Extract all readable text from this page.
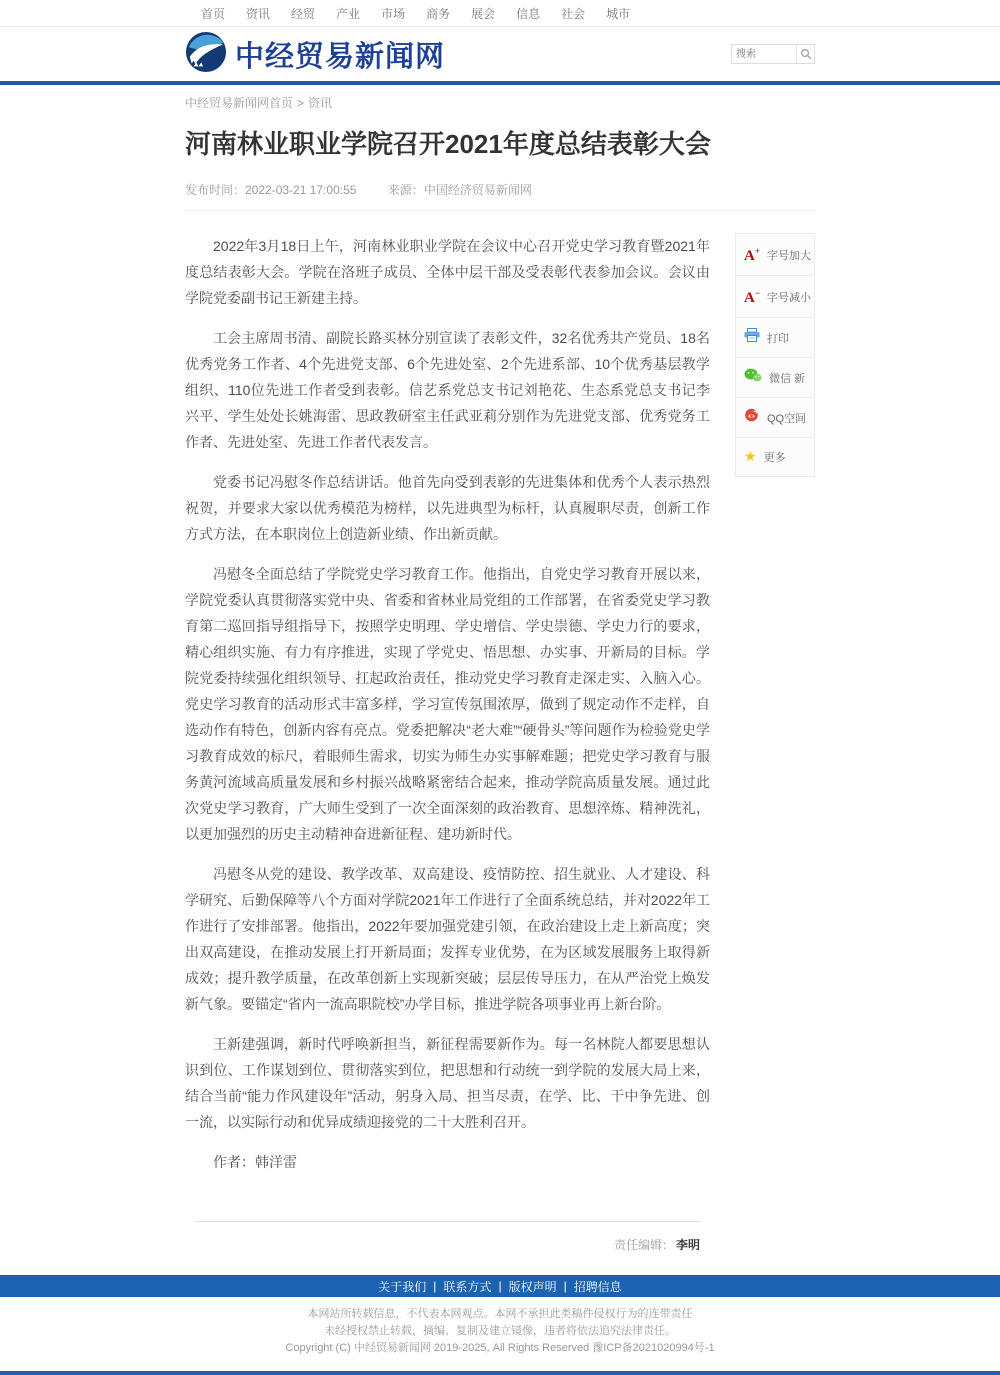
首页 资讯 经贸 产业 市场 商务 展会 信息 社会 城市
中经贸易新闻网
搜索
中经贸易新闻网首页 > 资讯
河南林业职业学院召开2021年度总结表彰大会
发布时间：2022-03-21 17:00:55	来源：中国经济贸易新闻网

2022年3月18日上午，河南林业职业学院在会议中心召开党史学习教育暨2021年度总结表彰大会。学院在洛班子成员、全体中层干部及受表彰代表参加会议。会议由学院党委副书记王新建主持。

工会主席周书清、副院长路买林分别宣读了表彰文件，32名优秀共产党员、18名优秀党务工作者、4个先进党支部、6个先进处室、2个先进系部、10个优秀基层教学组织、110位先进工作者受到表彰。信艺系党总支书记刘艳花、生态系党总支书记李兴平、学生处处长姚海雷、思政教研室主任武亚莉分别作为先进党支部、优秀党务工作者、先进处室、先进工作者代表发言。

党委书记冯慰冬作总结讲话。他首先向受到表彰的先进集体和优秀个人表示热烈祝贺，并要求大家以优秀模范为榜样，以先进典型为标杆，认真履职尽责，创新工作方式方法，在本职岗位上创造新业绩、作出新贡献。

冯慰冬全面总结了学院党史学习教育工作。他指出，自党史学习教育开展以来，学院党委认真贯彻落实党中央、省委和省林业局党组的工作部署，在省委党史学习教育第二巡回指导组指导下，按照学史明理、学史增信、学史崇德、学史力行的要求，精心组织实施、有力有序推进，实现了学党史、悟思想、办实事、开新局的目标。学院党委持续强化组织领导、扛起政治责任，推动党史学习教育走深走实、入脑入心。党史学习教育的活动形式丰富多样，学习宣传氛围浓厚，做到了规定动作不走样，自选动作有特色，创新内容有亮点。党委把解决“老大难”“硬骨头”等问题作为检验党史学习教育成效的标尺，着眼师生需求，切实为师生办实事解难题；把党史学习教育与服务黄河流域高质量发展和乡村振兴战略紧密结合起来，推动学院高质量发展。通过此次党史学习教育，广大师生受到了一次全面深刻的政治教育、思想淬炼、精神洗礼，以更加强烈的历史主动精神奋进新征程、建功新时代。

冯慰冬从党的建设、教学改革、双高建设、疫情防控、招生就业、人才建设、科学研究、后勤保障等八个方面对学院2021年工作进行了全面系统总结，并对2022年工作进行了安排部署。他指出，2022年要加强党建引领，在政治建设上走上新高度；突出双高建设，在推动发展上打开新局面；发挥专业优势，在为区域发展服务上取得新成效；提升教学质量，在改革创新上实现新突破；层层传导压力，在从严治党上焕发新气象。要锚定“省内一流高职院校”办学目标，推进学院各项事业再上新台阶。

王新建强调，新时代呼唤新担当，新征程需要新作为。每一名林院人都要思想认识到位、工作谋划到位、贯彻落实到位，把思想和行动统一到学院的发展大局上来，结合当前“能力作风建设年”活动，躬身入局、担当尽责，在学、比、干中争先进、创一流，以实际行动和优异成绩迎接党的二十大胜利召开。

作者：韩洋雷

责任编辑： 李明
A+ 字号加大
A− 字号减小
打印
微信 新
QQ空间
★ 更多
关于我们 | 联系方式 | 版权声明 | 招聘信息
本网站所转载信息，不代表本网观点。本网不承担此类稿件侵权行为的连带责任
未经授权禁止转载、摘编、复制及建立镜像，违者将依法追究法律责任。
Copyright (C) 中经贸易新闻网 2019-2025, All Rights Reserved 豫ICP备2021020994号-1
